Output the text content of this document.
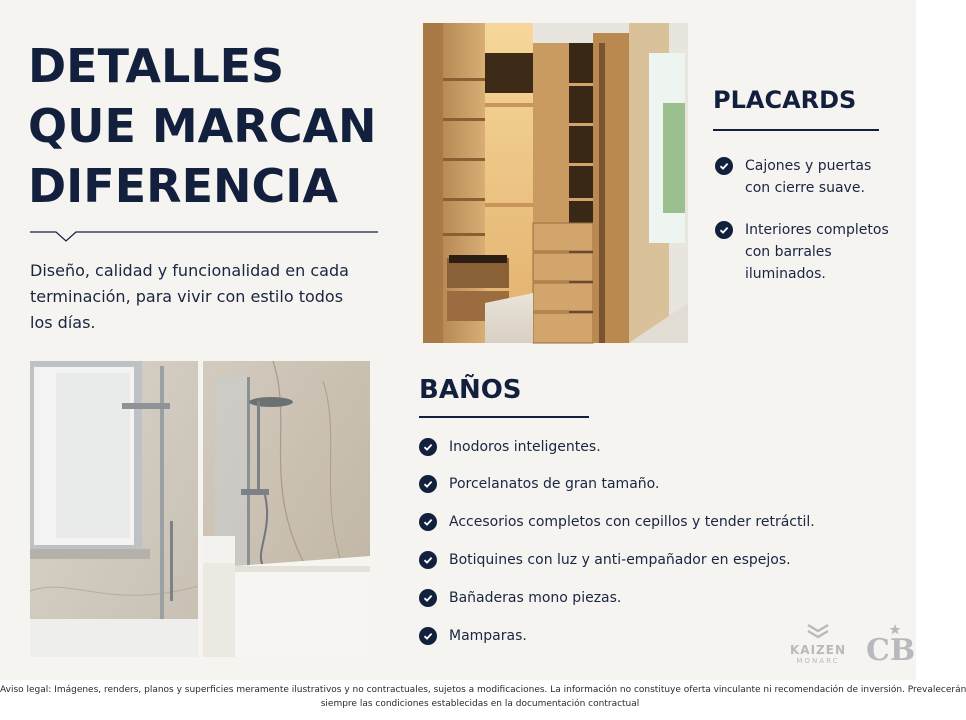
DETALLES
QUE MARCAN
DIFERENCIA
Diseño, calidad y funcionalidad en cada terminación, para vivir con estilo todos los días.
PLACARDS
Cajones y puertas con cierre suave.
Interiores completos con barrales iluminados.
BAÑOS
Inodoros inteligentes.
Porcelanatos de gran tamaño.
Accesorios completos con cepillos y tender retráctil.
Botiquines con luz y anti-empañador en espejos.
Bañaderas mono piezas.
Mamparas.
KAIZEN
MONARC CB
Aviso legal: Imágenes, renders, planos y superficies meramente ilustrativos y no contractuales, sujetos a modificaciones. La información no constituye oferta vinculante ni recomendación de inversión. Prevalecerán
siempre las condiciones establecidas en la documentación contractual
